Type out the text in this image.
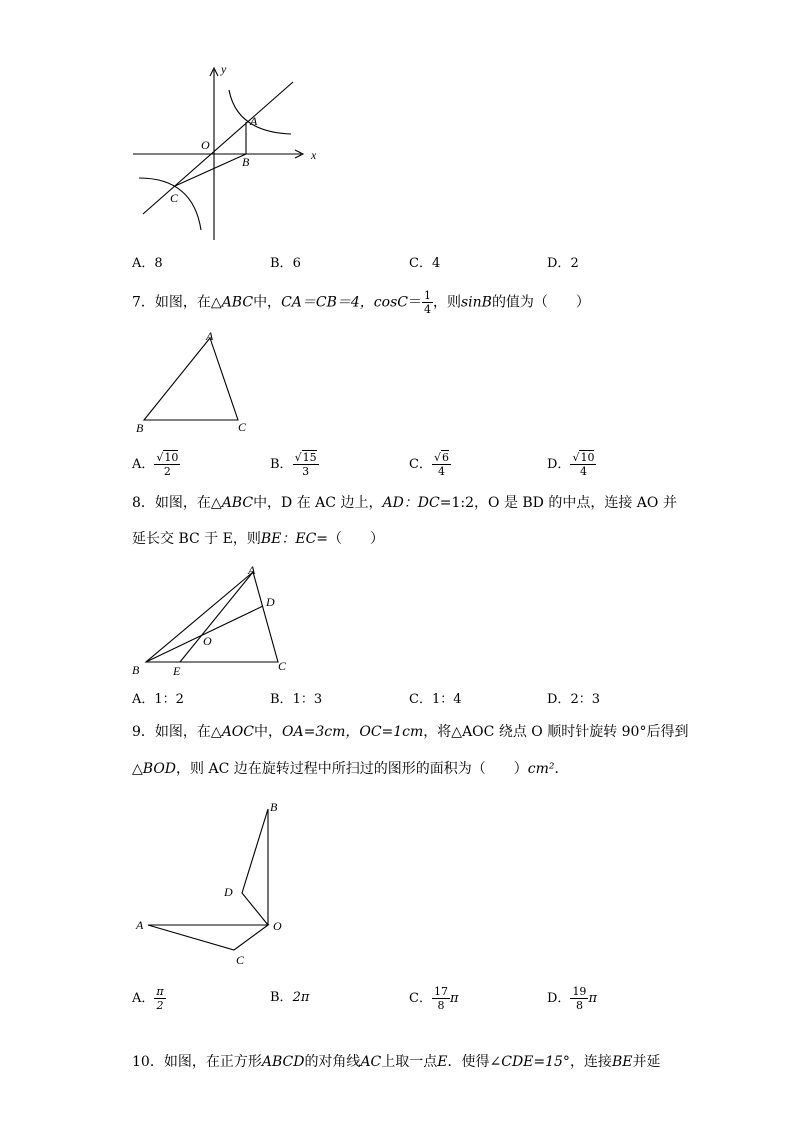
y
x
O
A
B
C
A．8	B．6	C．4	D．2
7．如图，在△ABC中，CA＝CB＝4，$\cos C= \frac{1}{4}$ ，则sinB的值为（　　）
A
B	C
A． $\frac{√10}{2}$	B． $\frac{√15}{3}$	C． $\frac{√6}{4}$	D． $\frac{√10}{4}$
8．如图，在△ABC中，D 在 AC 边上，AD：DC=1:2，O 是 BD 的中点，连接 AO 并
延长交 BC 于 E，则BE：EC=（　　）
A
B	C
D
E
O
A．1：2	B．1：3	C．1：4	D．2：3
9．如图，在△AOC中，OA=3cm，OC=1cm，将△AOC 绕点 O 顺时针旋转 90°后得到
△BOD，则 AC 边在旋转过程中所扫过的图形的面积为（　　）cm²．
B
D
A	O
C
A． $\frac{\pi}{2}$	B．2π	C． $\frac{17}{8}$ π	D． $\frac{19}{8}$ π
10．如图，在正方形ABCD的对角线AC上取一点E．使得∠CDE=15°，连接BE并延
